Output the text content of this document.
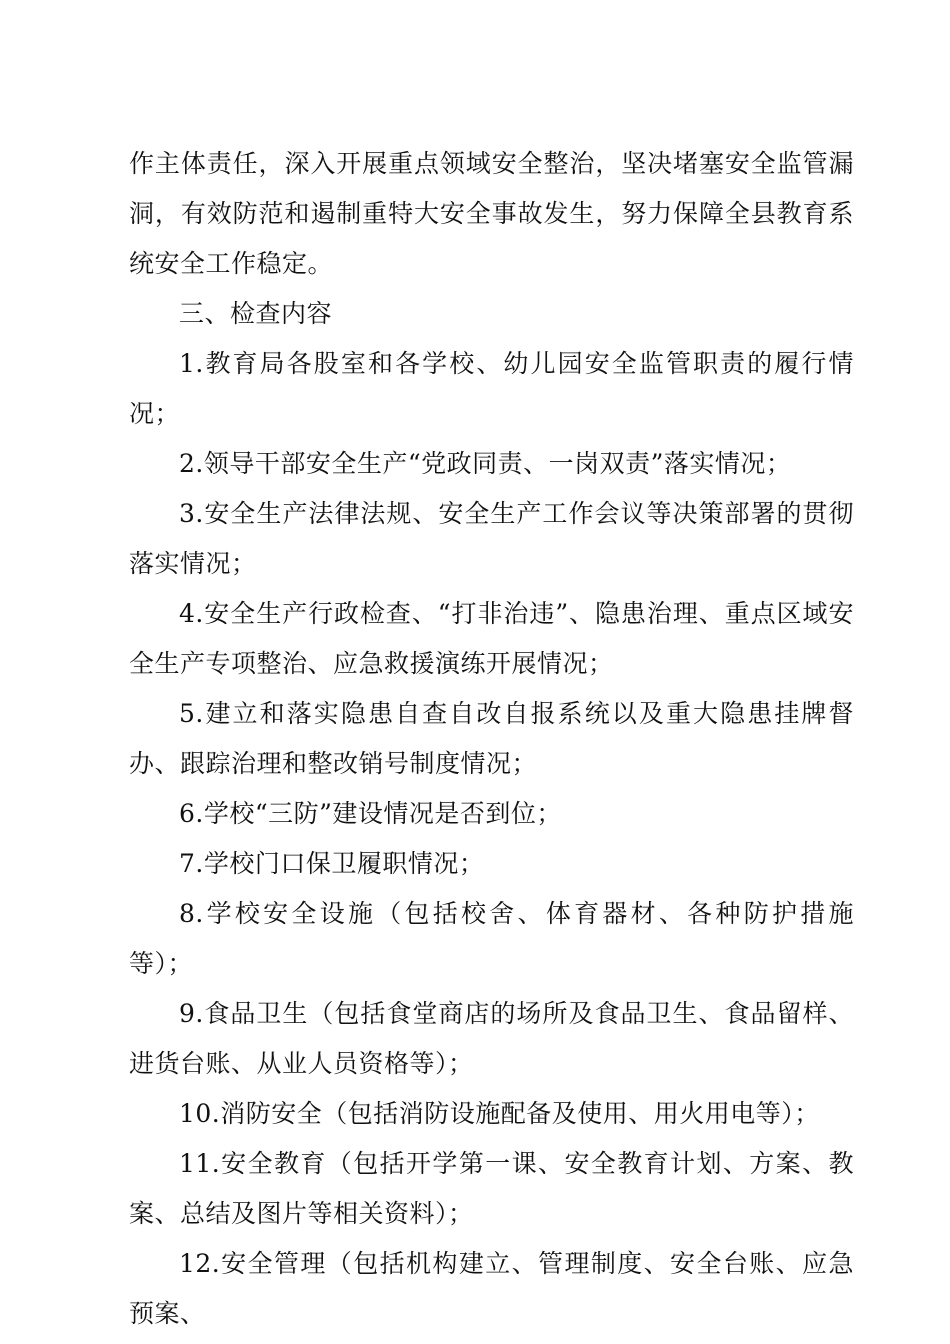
作主体责任，深入开展重点领域安全整治，坚决堵塞安全监管漏洞，有效防范和遏制重特大安全事故发生，努力保障全县教育系统安全工作稳定。

三、检查内容

1.教育局各股室和各学校、幼儿园安全监管职责的履行情况；

2.领导干部安全生产“党政同责、一岗双责”落实情况；

3.安全生产法律法规、安全生产工作会议等决策部署的贯彻落实情况；

4.安全生产行政检查、“打非治违”、隐患治理、重点区域安全生产专项整治、应急救援演练开展情况；

5.建立和落实隐患自查自改自报系统以及重大隐患挂牌督办、跟踪治理和整改销号制度情况；

6.学校“三防”建设情况是否到位；

7.学校门口保卫履职情况；

8.学校安全设施（包括校舍、体育器材、各种防护措施等）；

9.食品卫生（包括食堂商店的场所及食品卫生、食品留样、进货台账、从业人员资格等）；

10.消防安全（包括消防设施配备及使用、用火用电等）；

11.安全教育（包括开学第一课、安全教育计划、方案、教案、总结及图片等相关资料）；

12.安全管理（包括机构建立、管理制度、安全台账、应急预案、
